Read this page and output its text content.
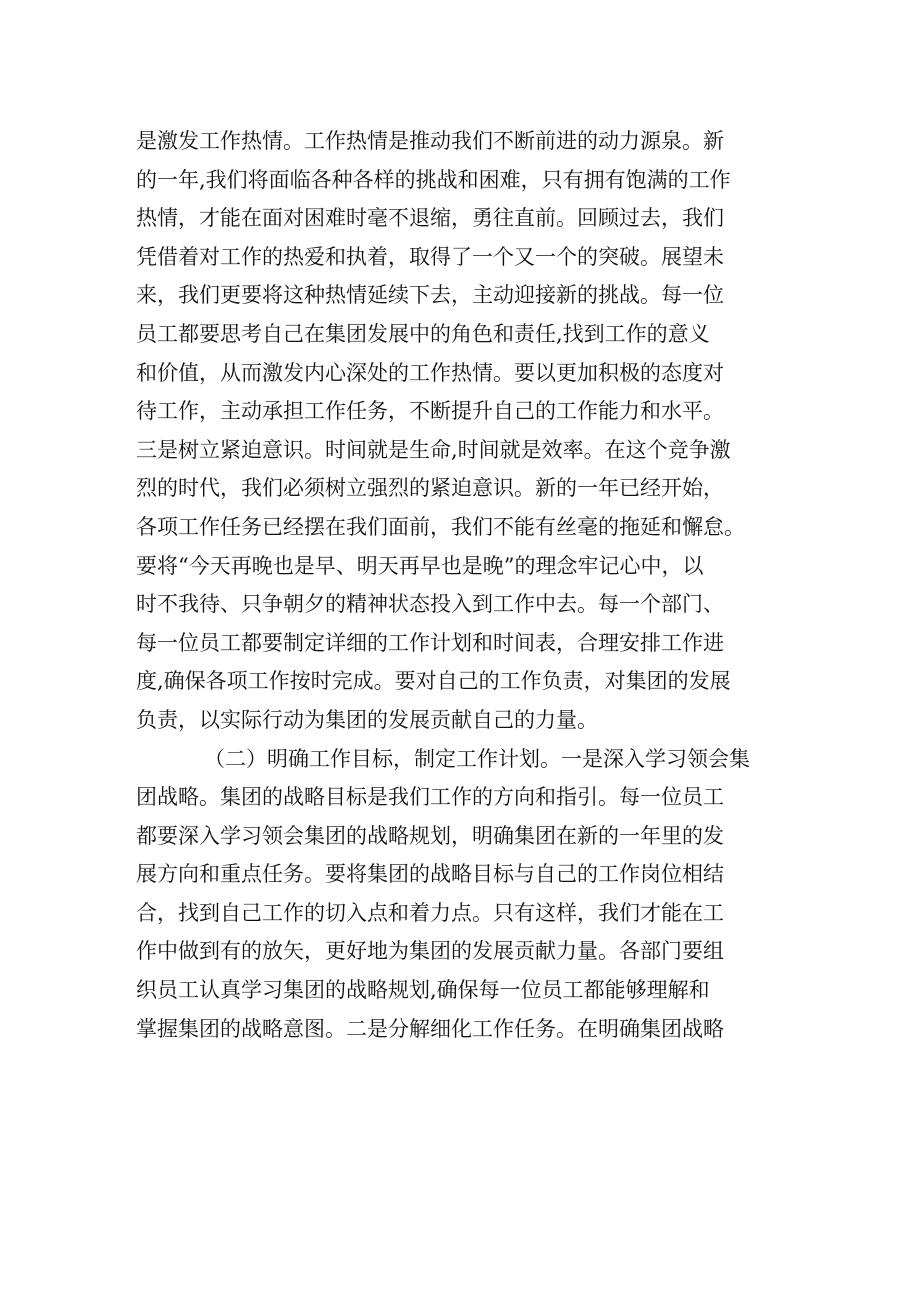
是激发工作热情。工作热情是推动我们不断前进的动力源泉。新
的一年,我们将面临各种各样的挑战和困难，只有拥有饱满的工作
热情，才能在面对困难时毫不退缩，勇往直前。回顾过去，我们
凭借着对工作的热爱和执着，取得了一个又一个的突破。展望未
来，我们更要将这种热情延续下去，主动迎接新的挑战。每一位
员工都要思考自己在集团发展中的角色和责任,找到工作的意义
和价值，从而激发内心深处的工作热情。要以更加积极的态度对
待工作，主动承担工作任务，不断提升自己的工作能力和水平。
三是树立紧迫意识。时间就是生命,时间就是效率。在这个竞争激
烈的时代，我们必须树立强烈的紧迫意识。新的一年已经开始，
各项工作任务已经摆在我们面前，我们不能有丝毫的拖延和懈怠。
要将“今天再晚也是早、明天再早也是晚”的理念牢记心中，以
时不我待、只争朝夕的精神状态投入到工作中去。每一个部门、
每一位员工都要制定详细的工作计划和时间表，合理安排工作进
度,确保各项工作按时完成。要对自己的工作负责，对集团的发展
负责，以实际行动为集团的发展贡献自己的力量。
（二）明确工作目标，制定工作计划。一是深入学习领会集
团战略。集团的战略目标是我们工作的方向和指引。每一位员工
都要深入学习领会集团的战略规划，明确集团在新的一年里的发
展方向和重点任务。要将集团的战略目标与自己的工作岗位相结
合，找到自己工作的切入点和着力点。只有这样，我们才能在工
作中做到有的放矢，更好地为集团的发展贡献力量。各部门要组
织员工认真学习集团的战略规划,确保每一位员工都能够理解和
掌握集团的战略意图。二是分解细化工作任务。在明确集团战略
